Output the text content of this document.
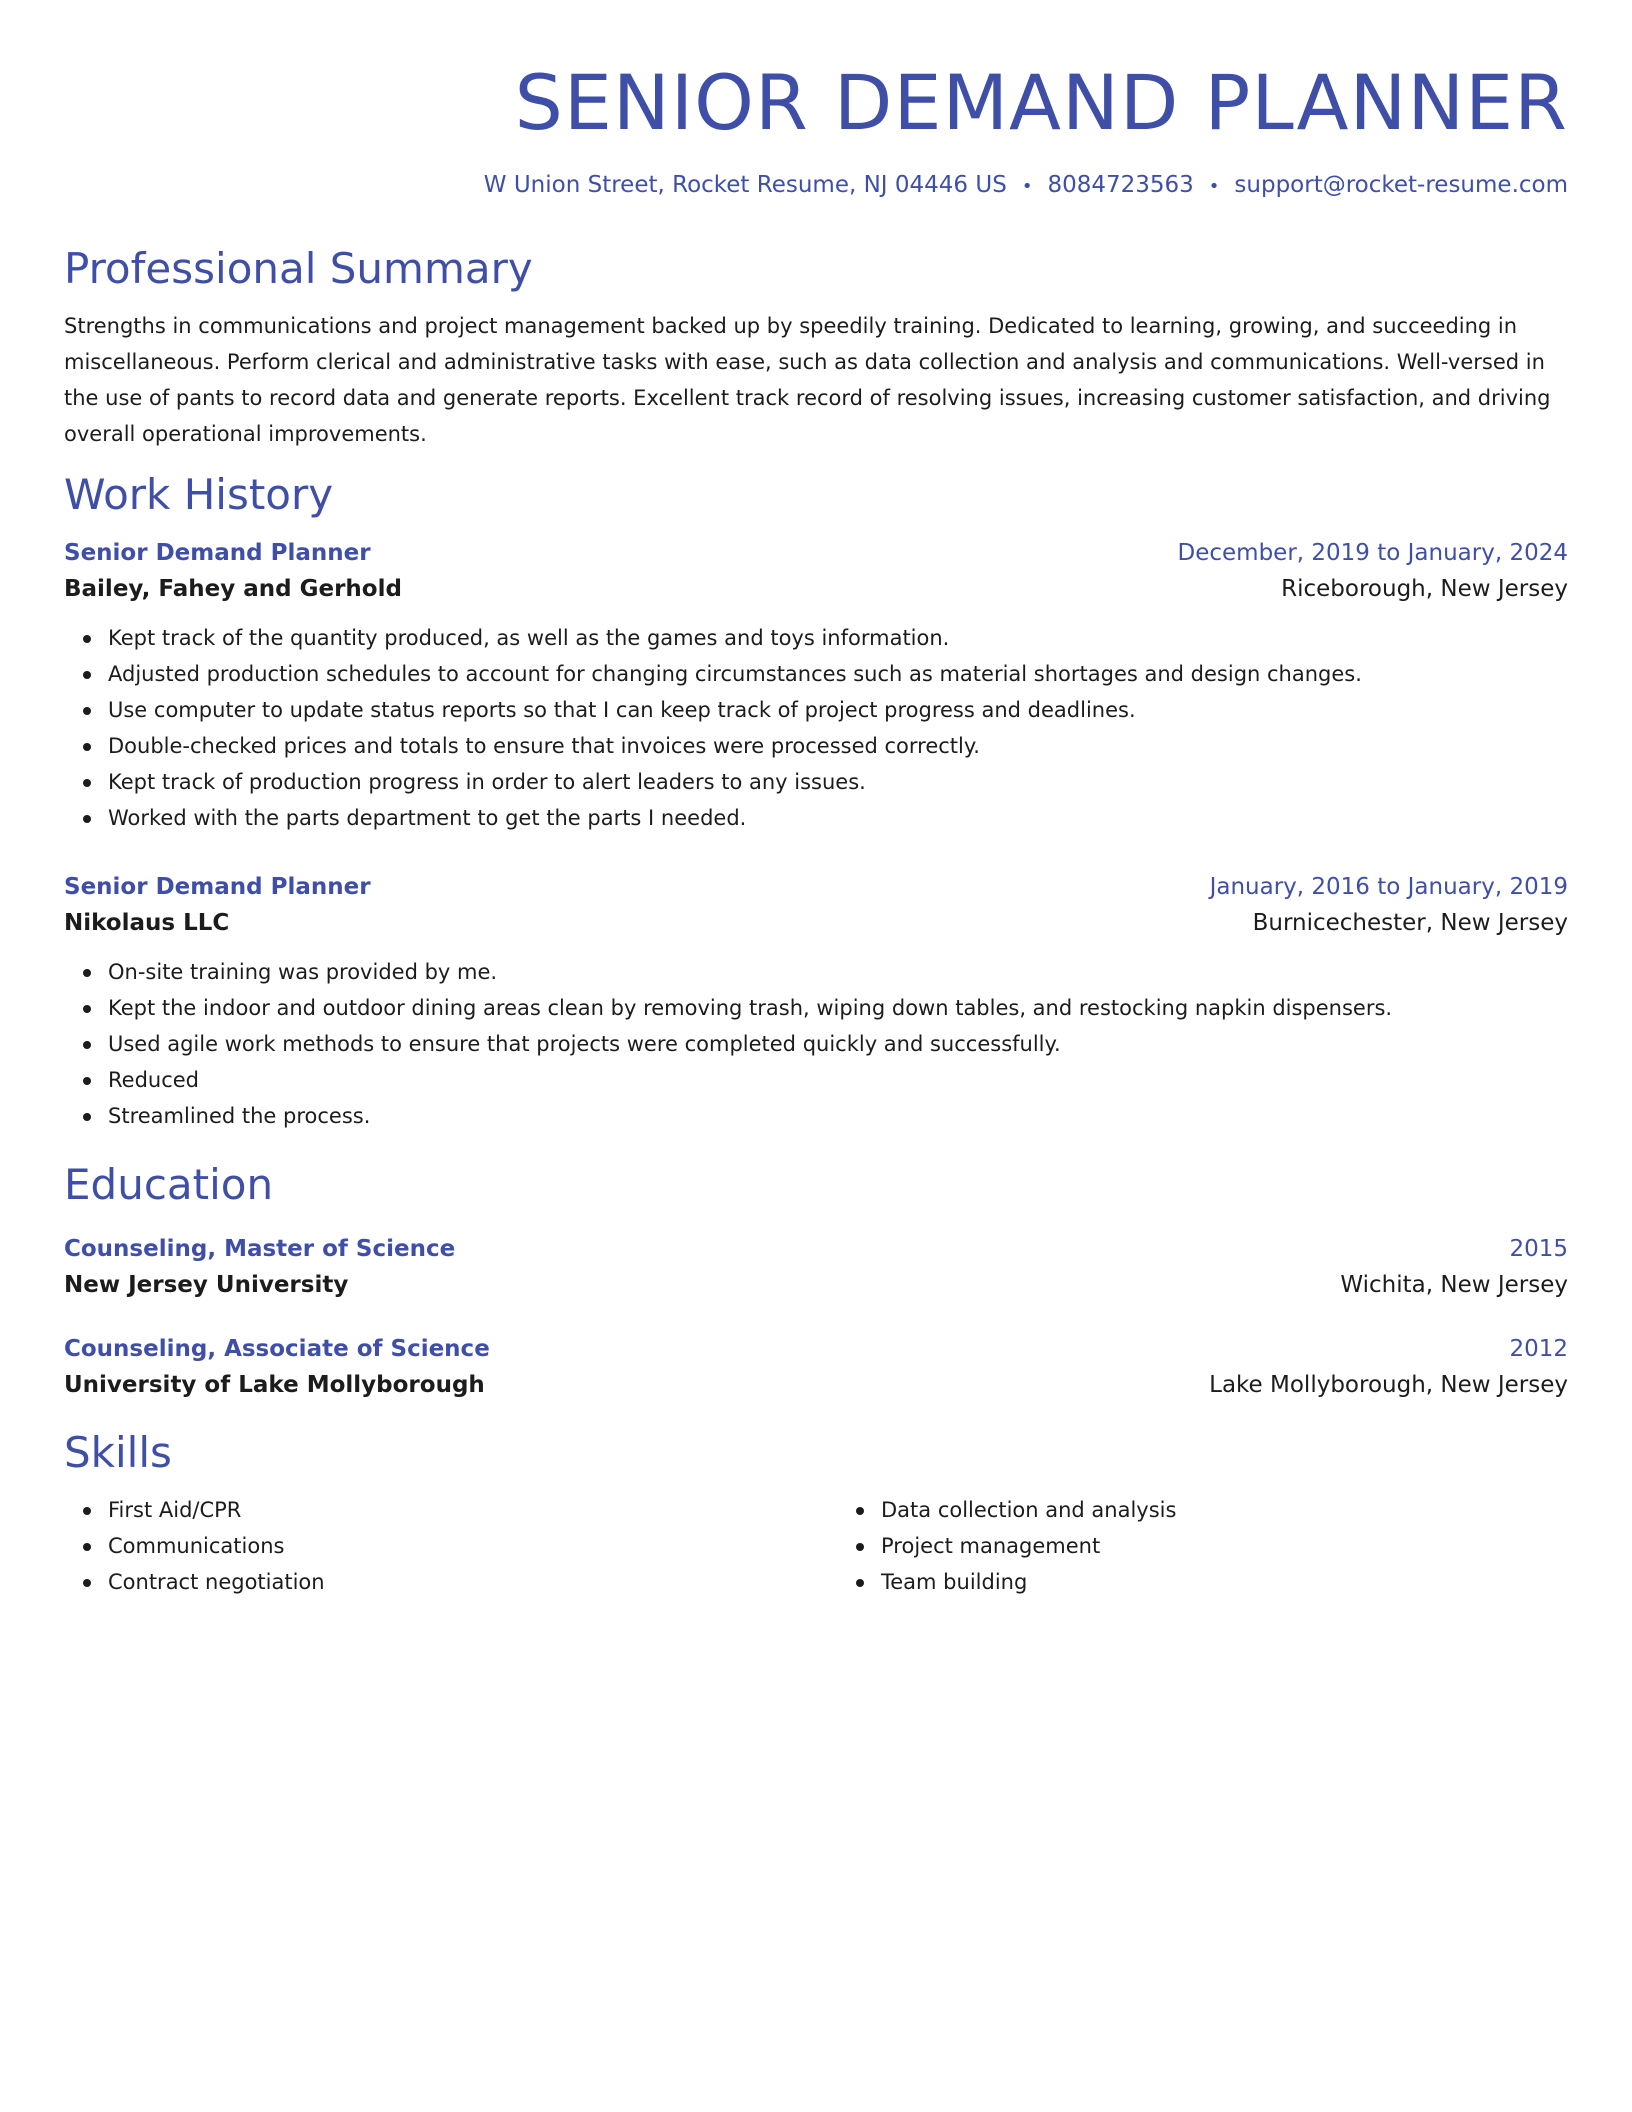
SENIOR DEMAND PLANNER
W Union Street, Rocket Resume, NJ 04446 US • 8084723563 • support@rocket-resume.com
Professional Summary
Strengths in communications and project management backed up by speedily training. Dedicated to learning, growing, and succeeding in miscellaneous. Perform clerical and administrative tasks with ease, such as data collection and analysis and communications. Well-versed in the use of pants to record data and generate reports. Excellent track record of resolving issues, increasing customer satisfaction, and driving overall operational improvements.
Work History
Senior Demand Planner	December, 2019 to January, 2024
Bailey, Fahey and Gerhold	Riceborough, New Jersey
Kept track of the quantity produced, as well as the games and toys information.
Adjusted production schedules to account for changing circumstances such as material shortages and design changes.
Use computer to update status reports so that I can keep track of project progress and deadlines.
Double-checked prices and totals to ensure that invoices were processed correctly.
Kept track of production progress in order to alert leaders to any issues.
Worked with the parts department to get the parts I needed.
Senior Demand Planner	January, 2016 to January, 2019
Nikolaus LLC	Burnicechester, New Jersey
On-site training was provided by me.
Kept the indoor and outdoor dining areas clean by removing trash, wiping down tables, and restocking napkin dispensers.
Used agile work methods to ensure that projects were completed quickly and successfully.
Reduced
Streamlined the process.
Education
Counseling, Master of Science	2015
New Jersey University	Wichita, New Jersey
Counseling, Associate of Science	2012
University of Lake Mollyborough	Lake Mollyborough, New Jersey
Skills
First Aid/CPR
Communications
Contract negotiation
Data collection and analysis
Project management
Team building
